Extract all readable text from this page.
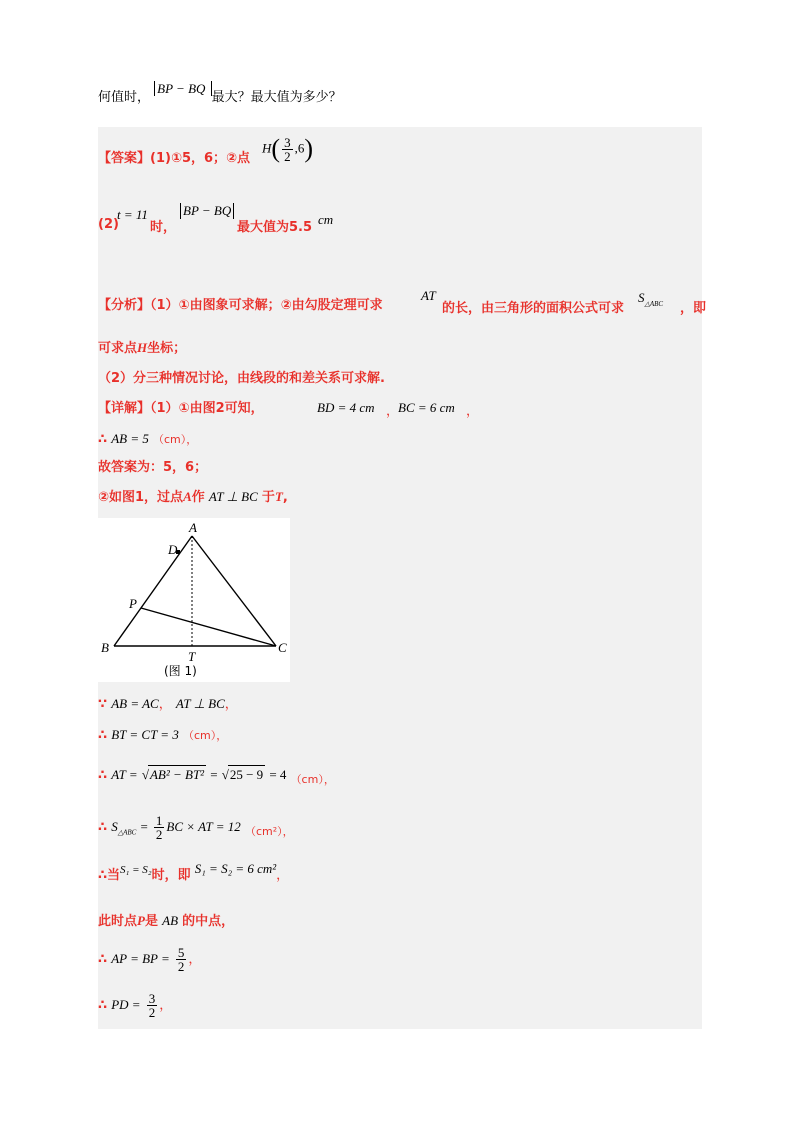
何值时， BP − BQ 最大？最大值为多少？
【答案】(1)①5，6；②点
$H( \frac{3}{2} ,6)$
(2)
t = 11
时，
BP − BQ
最大值为5.5
cm
【分析】（1）①由图象可求解；②由勾股定理可求
AT
的长，由三角形的面积公式可求
$S_{\triangle ABC}$ ，即
可求点H坐标；
（2）分三种情况讨论，由线段的和差关系可求解.
【详解】（1）①由图2可知，	BD = 4 cm ，
BC = 6 cm ，
∴ AB = 5 （cm），
故答案为：5，6；
②如图1，过点A作 AT ⊥ BC 于T,
A
D
P
B	C
T
(图 1)
∵ AB = AC， AT ⊥ BC，
∴ BT = CT = 3 （cm），
∴ AT = √AB² − BT² = √25 − 9 = 4 $_{(cm),}$
∴ $S_{\triangle ABC} = \frac{1}{2}$ BC × AT = 12 $_{(cm^2),}$
∴当$^{S_1 = S_2}$时，即 S₁ = S₂ = 6 cm²，
此时点P是 AB 的中点，
∴ AP = BP = $\frac{5}{2}$ ，
∴ PD = $\frac{3}{2}$ ，
